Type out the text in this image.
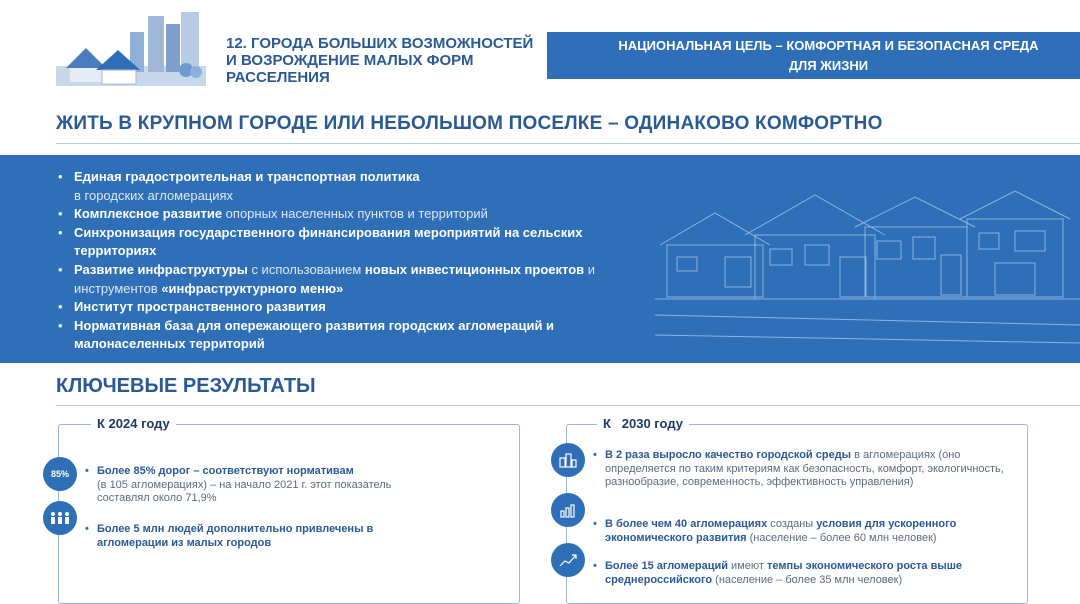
12. ГОРОДА БОЛЬШИХ ВОЗМОЖНОСТЕЙ И ВОЗРОЖДЕНИЕ МАЛЫХ ФОРМ РАССЕЛЕНИЯ
НАЦИОНАЛЬНАЯ ЦЕЛЬ – КОМФОРТНАЯ И БЕЗОПАСНАЯ СРЕДА ДЛЯ ЖИЗНИ
ЖИТЬ В КРУПНОМ ГОРОДЕ ИЛИ НЕБОЛЬШОМ ПОСЕЛКЕ – ОДИНАКОВО КОМФОРТНО
• Единая градостроительная и транспортная политика
в городских агломерациях
• Комплексное развитие опорных населенных пунктов и территорий
• Синхронизация государственного финансирования мероприятий на сельских территориях
• Развитие инфраструктуры с использованием новых инвестиционных проектов и инструментов «инфраструктурного меню»
• Институт пространственного развития
• Нормативная база для опережающего развития городских агломераций и малонаселенных территорий
КЛЮЧЕВЫЕ РЕЗУЛЬТАТЫ
К 2024 году
85% • Более 85% дорог – соответствуют нормативам
(в 105 агломерациях) – на начало 2021 г. этот показатель составлял около 71,9%
• Более 5 млн людей дополнительно привлечены в агломерации из малых городов
К   2030 году
• В 2 раза выросло качество городской среды в агломерациях (оно определяется по таким критериям как безопасность, комфорт, экологичность, разнообразие, современность, эффективность управления)
• В более чем 40 агломерациях созданы условия для ускоренного экономического развития (население – более 60 млн человек)
• Более 15 агломераций имеют темпы экономического роста выше среднероссийского (население – более 35 млн человек)
